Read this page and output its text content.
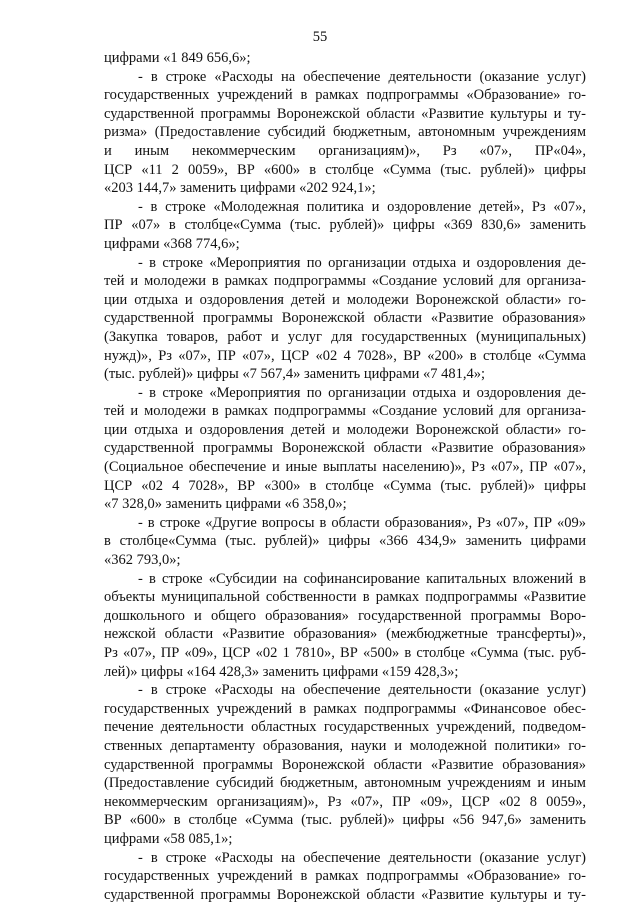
55
цифрами «1 849 656,6»;
- в строке «Расходы на обеспечение деятельности (оказание услуг)
государственных учреждений в рамках подпрограммы «Образование» го-
сударственной программы Воронежской области «Развитие культуры и ту-
ризма» (Предоставление субсидий бюджетным, автономным учреждениям
и иным некоммерческим организациям)», Рз «07», ПР«04»,
ЦСР «11 2 0059», ВР «600» в столбце «Сумма (тыс. рублей)» цифры
«203 144,7» заменить цифрами «202 924,1»;
- в строке «Молодежная политика и оздоровление детей», Рз «07»,
ПР «07» в столбце«Сумма (тыс. рублей)» цифры «369 830,6» заменить
цифрами «368 774,6»;
- в строке «Мероприятия по организации отдыха и оздоровления де-
тей и молодежи в рамках подпрограммы «Создание условий для организа-
ции отдыха и оздоровления детей и молодежи Воронежской области» го-
сударственной программы Воронежской области «Развитие образования»
(Закупка товаров, работ и услуг для государственных (муниципальных)
нужд)», Рз «07», ПР «07», ЦСР «02 4 7028», ВР «200» в столбце «Сумма
(тыс. рублей)» цифры «7 567,4» заменить цифрами «7 481,4»;
- в строке «Мероприятия по организации отдыха и оздоровления де-
тей и молодежи в рамках подпрограммы «Создание условий для организа-
ции отдыха и оздоровления детей и молодежи Воронежской области» го-
сударственной программы Воронежской области «Развитие образования»
(Социальное обеспечение и иные выплаты населению)», Рз «07», ПР «07»,
ЦСР «02 4 7028», ВР «300» в столбце «Сумма (тыс. рублей)» цифры
«7 328,0» заменить цифрами «6 358,0»;
- в строке «Другие вопросы в области образования», Рз «07», ПР «09»
в столбце«Сумма (тыс. рублей)» цифры «366 434,9» заменить цифрами
«362 793,0»;
- в строке «Субсидии на софинансирование капитальных вложений в
объекты муниципальной собственности в рамках подпрограммы «Развитие
дошкольного и общего образования» государственной программы Воро-
нежской области «Развитие образования» (межбюджетные трансферты)»,
Рз «07», ПР «09», ЦСР «02 1 7810», ВР «500» в столбце «Сумма (тыс. руб-
лей)» цифры «164 428,3» заменить цифрами «159 428,3»;
- в строке «Расходы на обеспечение деятельности (оказание услуг)
государственных учреждений в рамках подпрограммы «Финансовое обес-
печение деятельности областных государственных учреждений, подведом-
ственных департаменту образования, науки и молодежной политики» го-
сударственной программы Воронежской области «Развитие образования»
(Предоставление субсидий бюджетным, автономным учреждениям и иным
некоммерческим организациям)», Рз «07», ПР «09», ЦСР «02 8 0059»,
ВР «600» в столбце «Сумма (тыс. рублей)» цифры «56 947,6» заменить
цифрами «58 085,1»;
- в строке «Расходы на обеспечение деятельности (оказание услуг)
государственных учреждений в рамках подпрограммы «Образование» го-
сударственной программы Воронежской области «Развитие культуры и ту-
